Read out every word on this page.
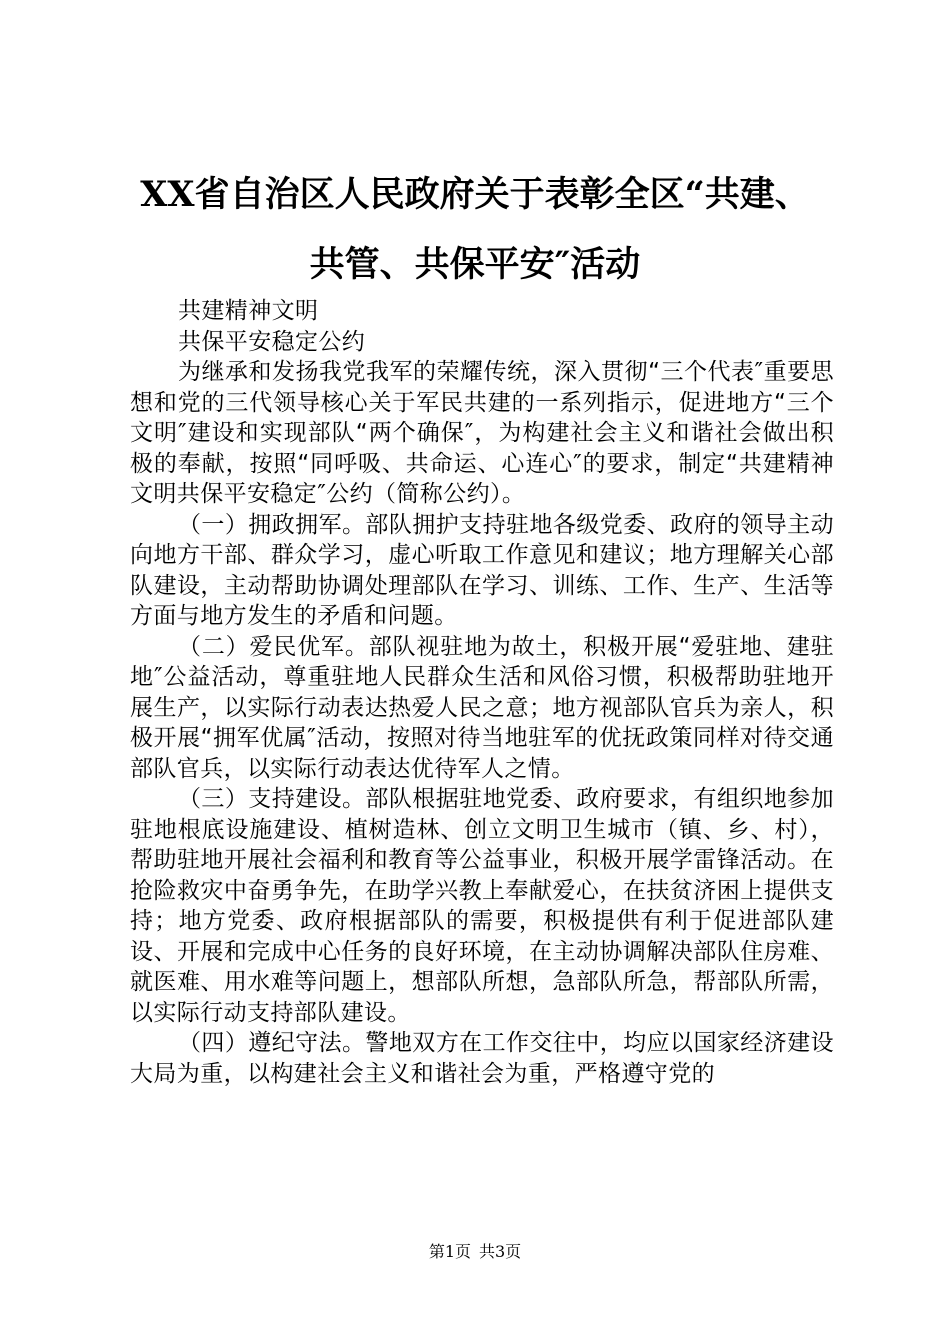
XX省自治区人民政府关于表彰全区“共建、
共管、共保平安″活动

共建精神文明

共保平安稳定公约

为继承和发扬我党我军的荣耀传统，深入贯彻“三个代表″重要思想和党的三代领导核心关于军民共建的一系列指示，促进地方“三个文明″建设和实现部队“两个确保″，为构建社会主义和谐社会做出积极的奉献，按照“同呼吸、共命运、心连心″的要求，制定“共建精神文明共保平安稳定″公约（简称公约）。

（一）拥政拥军。部队拥护支持驻地各级党委、政府的领导主动向地方干部、群众学习，虚心听取工作意见和建议；地方理解关心部队建设，主动帮助协调处理部队在学习、训练、工作、生产、生活等方面与地方发生的矛盾和问题。

（二）爱民优军。部队视驻地为故土，积极开展“爱驻地、建驻地″公益活动，尊重驻地人民群众生活和风俗习惯，积极帮助驻地开展生产，以实际行动表达热爱人民之意；地方视部队官兵为亲人，积极开展“拥军优属″活动，按照对待当地驻军的优抚政策同样对待交通部队官兵，以实际行动表达优待军人之情。

（三）支持建设。部队根据驻地党委、政府要求，有组织地参加驻地根底设施建设、植树造林、创立文明卫生城市（镇、乡、村），帮助驻地开展社会福利和教育等公益事业，积极开展学雷锋活动。在抢险救灾中奋勇争先，在助学兴教上奉献爱心，在扶贫济困上提供支持；地方党委、政府根据部队的需要，积极提供有利于促进部队建设、开展和完成中心任务的良好环境，在主动协调解决部队住房难、就医难、用水难等问题上，想部队所想，急部队所急，帮部队所需，以实际行动支持部队建设。

（四）遵纪守法。警地双方在工作交往中，均应以国家经济建设大局为重，以构建社会主义和谐社会为重，严格遵守党的

第1页 共3页
